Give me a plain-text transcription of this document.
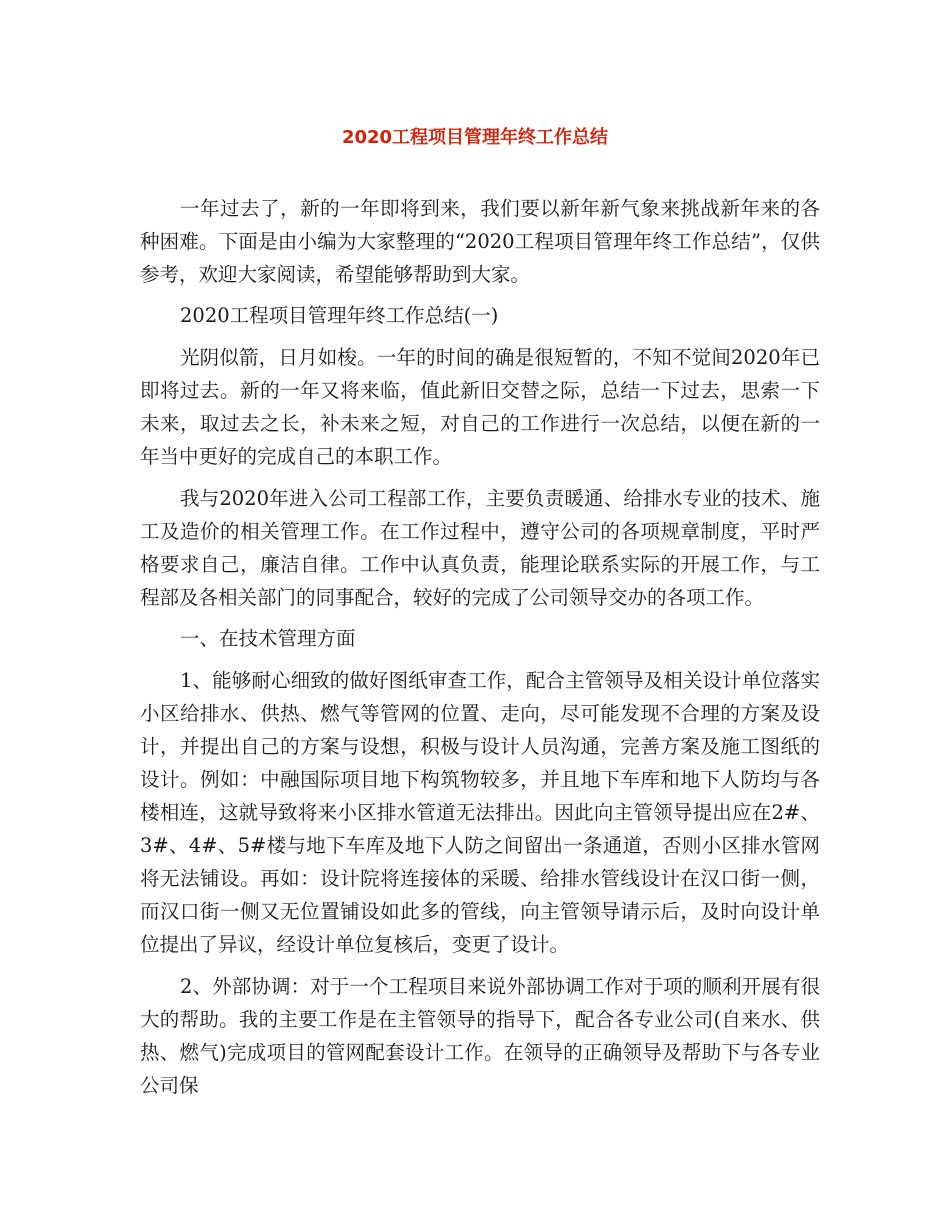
2020工程项目管理年终工作总结

一年过去了，新的一年即将到来，我们要以新年新气象来挑战新年来的各种困难。下面是由小编为大家整理的“2020工程项目管理年终工作总结”，仅供参考，欢迎大家阅读，希望能够帮助到大家。

2020工程项目管理年终工作总结(一)

光阴似箭，日月如梭。一年的时间的确是很短暂的，不知不觉间2020年已即将过去。新的一年又将来临，值此新旧交替之际，总结一下过去，思索一下未来，取过去之长，补未来之短，对自己的工作进行一次总结，以便在新的一年当中更好的完成自己的本职工作。

我与2020年进入公司工程部工作，主要负责暖通、给排水专业的技术、施工及造价的相关管理工作。在工作过程中，遵守公司的各项规章制度，平时严格要求自己，廉洁自律。工作中认真负责，能理论联系实际的开展工作，与工程部及各相关部门的同事配合，较好的完成了公司领导交办的各项工作。

一、在技术管理方面

1、能够耐心细致的做好图纸审查工作，配合主管领导及相关设计单位落实小区给排水、供热、燃气等管网的位置、走向，尽可能发现不合理的方案及设计，并提出自己的方案与设想，积极与设计人员沟通，完善方案及施工图纸的设计。例如：中融国际项目地下构筑物较多，并且地下车库和地下人防均与各楼相连，这就导致将来小区排水管道无法排出。因此向主管领导提出应在2#、3#、4#、5#楼与地下车库及地下人防之间留出一条通道，否则小区排水管网将无法铺设。再如：设计院将连接体的采暖、给排水管线设计在汉口街一侧，而汉口街一侧又无位置铺设如此多的管线，向主管领导请示后，及时向设计单位提出了异议，经设计单位复核后，变更了设计。

2、外部协调：对于一个工程项目来说外部协调工作对于项的顺利开展有很大的帮助。我的主要工作是在主管领导的指导下，配合各专业公司(自来水、供热、燃气)完成项目的管网配套设计工作。在领导的正确领导及帮助下与各专业公司保
